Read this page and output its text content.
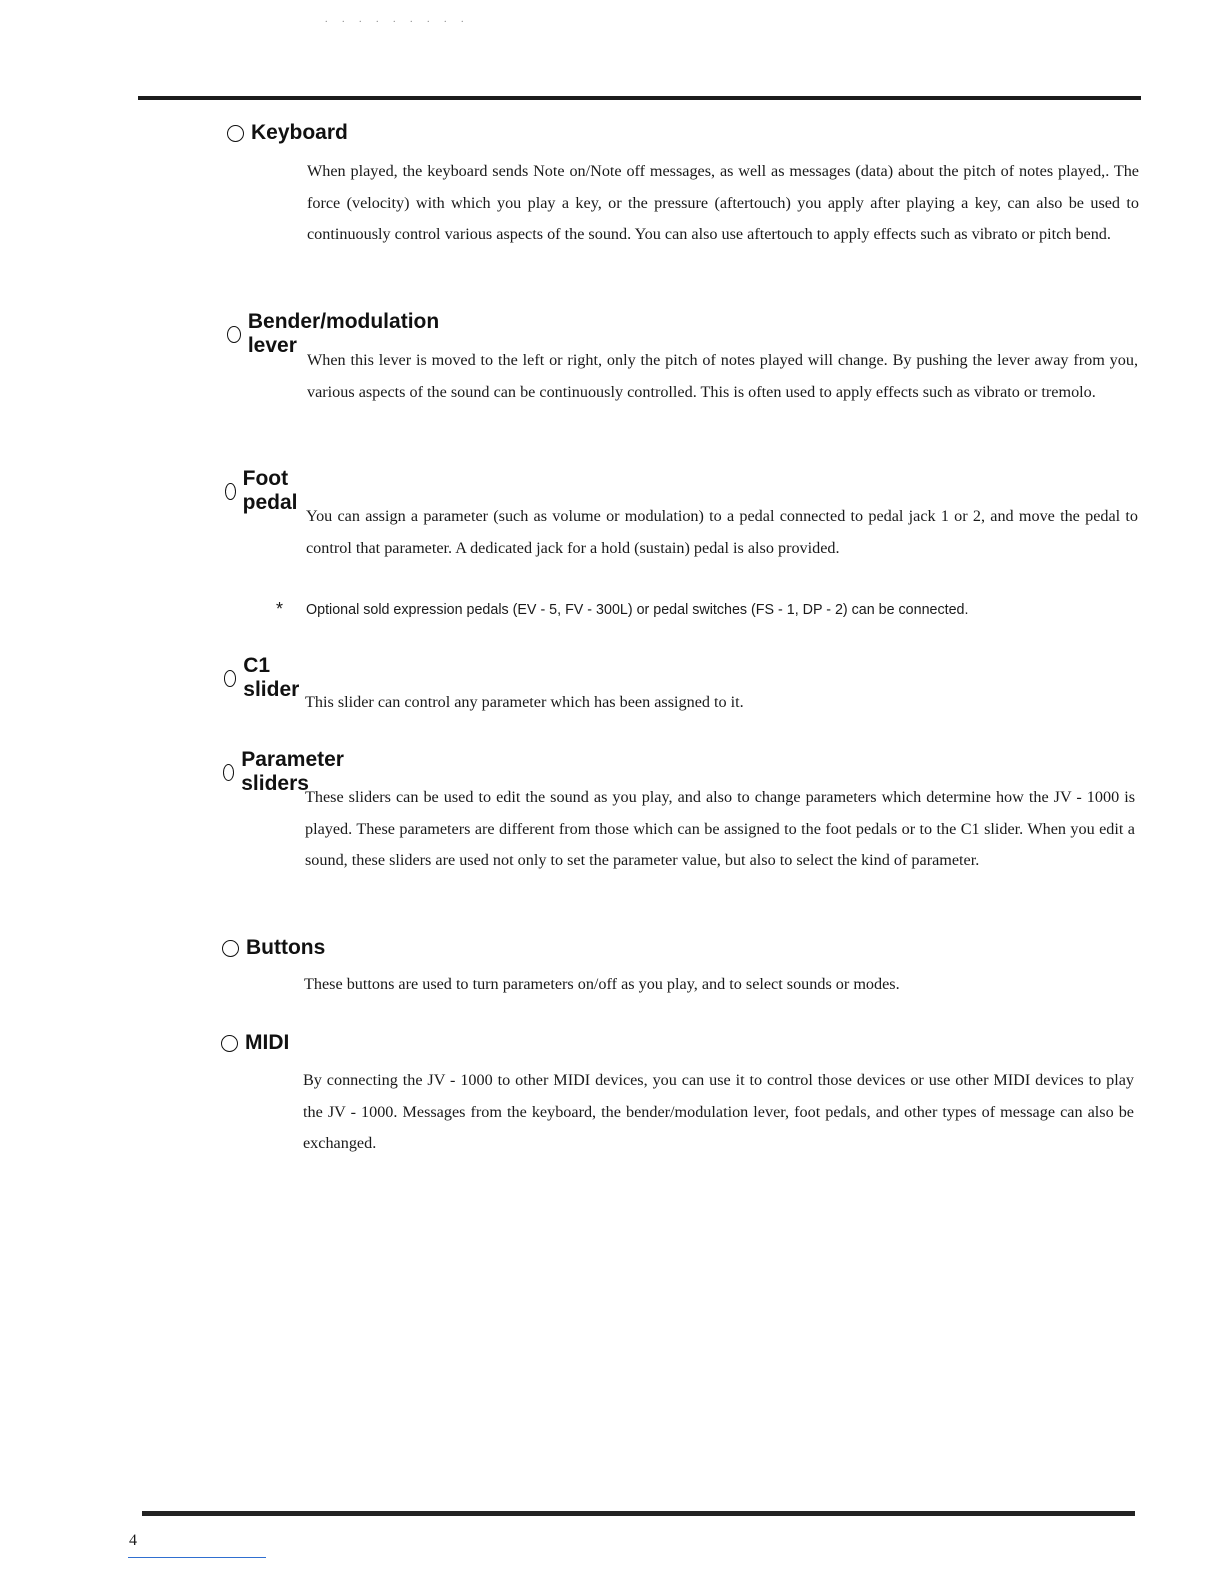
. . . . . . . . .
Keyboard
When played, the keyboard sends Note on/Note off messages, as well as messages (data) about the pitch of notes played,. The force (velocity) with which you play a key, or the pressure (aftertouch) you apply after playing a key, can also be used to continuously control various aspects of the sound. You can also use aftertouch to apply effects such as vibrato or pitch bend.
Bender/modulation lever
When this lever is moved to the left or right, only the pitch of notes played will change. By pushing the lever away from you, various aspects of the sound can be continuously controlled. This is often used to apply effects such as vibrato or tremolo.
Foot pedal
You can assign a parameter (such as volume or modulation) to a pedal connected to pedal jack 1 or 2, and move the pedal to control that parameter. A dedicated jack for a hold (sustain) pedal is also provided.
*	Optional sold expression pedals (EV - 5, FV - 300L) or pedal switches (FS - 1, DP - 2) can be connected.
C1 slider
This slider can control any parameter which has been assigned to it.
Parameter sliders
These sliders can be used to edit the sound as you play, and also to change parameters which determine how the JV - 1000 is played. These parameters are different from those which can be assigned to the foot pedals or to the C1 slider. When you edit a sound, these sliders are used not only to set the parameter value, but also to select the kind of parameter.
Buttons
These buttons are used to turn parameters on/off as you play, and to select sounds or modes.
MIDI
By connecting the JV - 1000 to other MIDI devices, you can use it to control those devices or use other MIDI devices to play the JV - 1000. Messages from the keyboard, the bender/modulation lever, foot pedals, and other types of message can also be exchanged.
4
